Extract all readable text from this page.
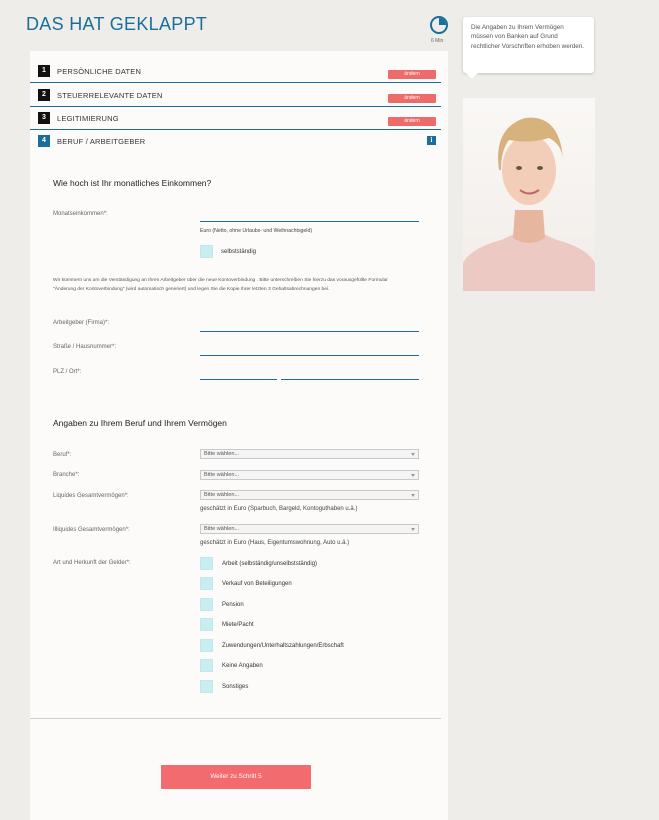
DAS HAT GEKLAPPT
6 Min
Die Angaben zu Ihrem Vermögen müssen von Banken auf Grund rechtlicher Vorschriften erhoben werden.
1	PERSÖNLICHE DATEN	ändern
2	STEUERRELEVANTE DATEN	ändern
3	LEGITIMIERUNG	ändern
4	BERUF / ARBEITGEBER	i
Wie hoch ist Ihr monatliches Einkommen?
Monatseinkommen*:
Euro (Netto, ohne Urlaubs- und Weihnachtsgeld)
selbstständig
Wir kümmern uns um die Verständigung an Ihren Arbeitgeber über die neue Kontoverbindung . Bitte unterschreiben Sie hierzu das vorausgefüllte Formular "Änderung der Kontoverbindung" (wird automatisch generiert) und legen Sie die Kopie Ihrer letzten 3 Gehaltsabrechnungen bei.
Arbeitgeber (Firma)*:
Straße / Hausnummer*:
PLZ / Ort*:
Angaben zu Ihrem Beruf und Ihrem Vermögen
Beruf*:	Bitte wählen...
Branche*:	Bitte wählen...
Liquides Gesamtvermögen*:	Bitte wählen...
geschätzt in Euro (Sparbuch, Bargeld, Kontoguthaben u.ä.)
Illiquides Gesamtvermögen*:	Bitte wählen...
geschätzt in Euro (Haus, Eigentumswohnung, Auto u.ä.)
Art und Herkunft der Gelder*:	Arbeit (selbständig/unselbstständig)
Verkauf von Beteiligungen
Pension
Miete/Pacht
Zuwendungen/Unterhaltszahlungen/Erbschaft
Keine Angaben
Sonstiges
Weiter zu Schritt 5
